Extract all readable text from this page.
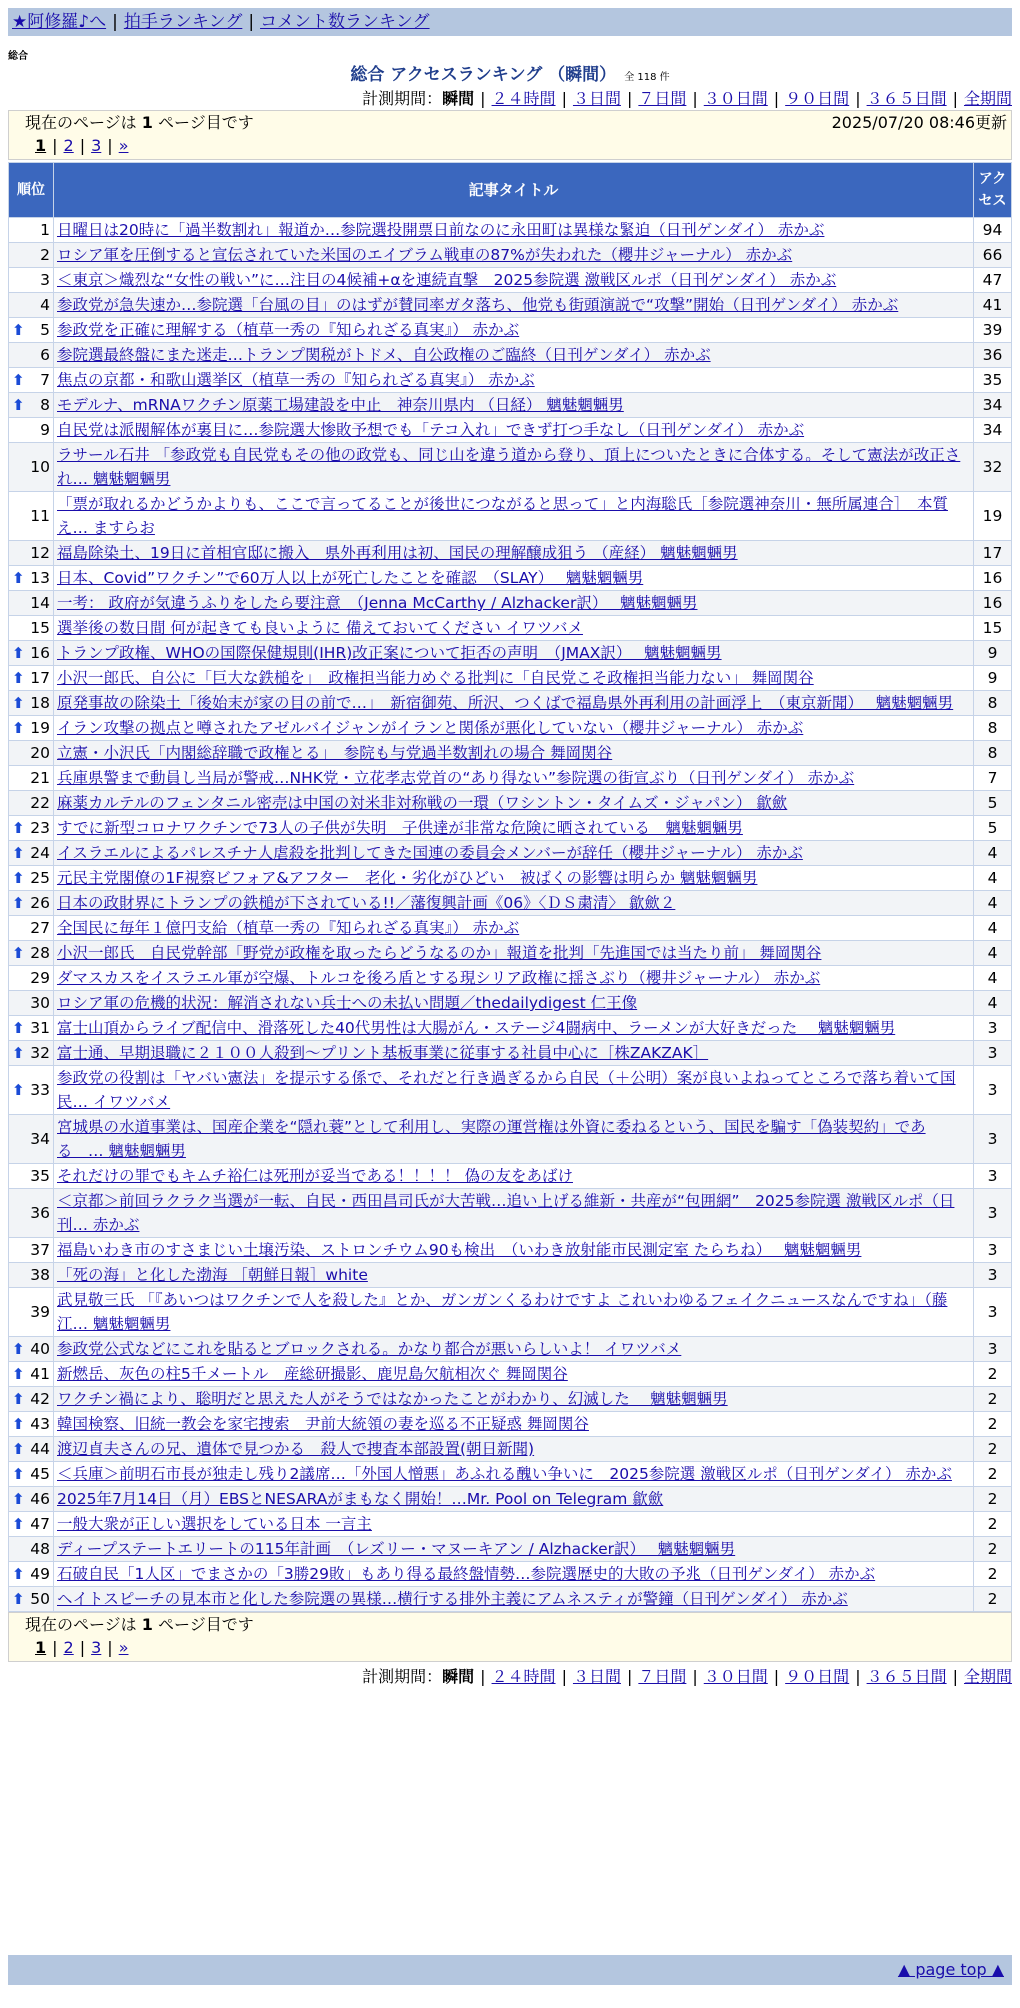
★阿修羅♪へ | 拍手ランキング | コメント数ランキング
総合
総合 アクセスランキング （瞬間） 全 118 件
計測期間：瞬間 | ２４時間 | ３日間 | ７日間 | ３０日間 | ９０日間 | ３６５日間 | 全期間
現在のページは 1 ページ目です	2025/07/20 08:46更新
1 | 2 | 3 | »
順位	記事タイトル	アクセス
1	日曜日は20時に「過半数割れ」報道か…参院選投開票日前なのに永田町は異様な緊迫（日刊ゲンダイ） 赤かぶ	94
2	ロシア軍を圧倒すると宣伝されていた米国のエイブラム戦車の87%が失われた（櫻井ジャーナル） 赤かぶ	66
3	＜東京＞熾烈な“女性の戦い”に…注目の4候補+αを連続直撃　2025参院選 激戦区ルポ（日刊ゲンダイ） 赤かぶ	47
4	参政党が急失速か…参院選「台風の目」のはずが賛同率ガタ落ち、他党も街頭演説で“攻撃”開始（日刊ゲンダイ） 赤かぶ	41

⬆ 5	参政党を正確に理解する（植草一秀の『知られざる真実』） 赤かぶ	39
6	参院選最終盤にまた迷走…トランプ関税がトドメ、自公政権のご臨終（日刊ゲンダイ） 赤かぶ	36

⬆ 7	焦点の京都・和歌山選挙区（植草一秀の『知られざる真実』） 赤かぶ	35

⬆ 8	モデルナ、mRNAワクチン原薬工場建設を中止　神奈川県内 （日経） 魑魅魍魎男	34
9	自民党は派閥解体が裏目に…参院選大惨敗予想でも「テコ入れ」できず打つ手なし（日刊ゲンダイ） 赤かぶ	34
10	ラサール石井 「参政党も自民党もその他の政党も、同じ山を違う道から登り、頂上についたときに合体する。そして憲法が改正され… 魑魅魍魎男	32
11	「票が取れるかどうかよりも、ここで言ってることが後世につながると思って」と内海聡氏［参院選神奈川・無所属連合］　本質え… ますらお	19
12	福島除染土、19日に首相官邸に搬入　県外再利用は初、国民の理解醸成狙う （産経） 魑魅魍魎男	17

⬆ 13	日本、Covid”ワクチン”で60万人以上が死亡したことを確認　（SLAY）　 魑魅魍魎男	16
14	一考： 政府が気違うふりをしたら要注意　（Jenna McCarthy / Alzhacker訳）　 魑魅魍魎男	16
15	選挙後の数日間 何が起きても良いように 備えておいてください イワツバメ	15

⬆ 16	トランプ政権、WHOの国際保健規則(IHR)改正案について拒否の声明　（JMAX訳）　 魑魅魍魎男	9

⬆ 17	小沢一郎氏、自公に「巨大な鉄槌を」　政権担当能力めぐる批判に「自民党こそ政権担当能力ない」 舞岡関谷	9

⬆ 18	原発事故の除染土「後始末が家の目の前で…」　新宿御苑、所沢、つくばで福島県外再利用の計画浮上　（東京新聞）　 魑魅魍魎男	8

⬆ 19	イラン攻撃の拠点と噂されたアゼルバイジャンがイランと関係が悪化していない（櫻井ジャーナル） 赤かぶ	8
20	立憲・小沢氏「内閣総辞職で政権とる」　参院も与党過半数割れの場合 舞岡関谷	8
21	兵庫県警まで動員し当局が警戒…NHK党・立花孝志党首の“あり得ない”参院選の街宣ぶり（日刊ゲンダイ） 赤かぶ	7
22	麻薬カルテルのフェンタニル密売は中国の対米非対称戦の一環（ワシントン・タイムズ・ジャパン） 歙歛	5

⬆ 23	すでに新型コロナワクチンで73人の子供が失明　子供達が非常な危険に晒されている　魑魅魍魎男	5

⬆ 24	イスラエルによるパレスチナ人虐殺を批判してきた国連の委員会メンバーが辞任（櫻井ジャーナル） 赤かぶ	4

⬆ 25	元民主党閣僚の1F視察ビフォア&アフター　老化・劣化がひどい　被ばくの影響は明らか 魑魅魍魎男	4

⬆ 26	日本の政財界にトランプの鉄槌が下されている!!／藩復興計画《06》〈ＤＳ粛清〉 歙歛２	4
27	全国民に毎年１億円支給（植草一秀の『知られざる真実』） 赤かぶ	4

⬆ 28	小沢一郎氏　自民党幹部「野党が政権を取ったらどうなるのか」報道を批判「先進国では当たり前」 舞岡関谷	4
29	ダマスカスをイスラエル軍が空爆、トルコを後ろ盾とする現シリア政権に揺さぶり（櫻井ジャーナル） 赤かぶ	4
30	ロシア軍の危機的状況：解消されない兵士への未払い問題／thedailydigest 仁王像	4

⬆ 31	富士山頂からライブ配信中、滑落死した40代男性は大腸がん・ステージ4闘病中、ラーメンが大好きだった　 魑魅魍魎男	3

⬆ 32	富士通、早期退職に２１００人殺到〜プリント基板事業に従事する社員中心に［株ZAKZAK］	3

⬆ 33	参政党の役割は「ヤバい憲法」を提示する係で、それだと行き過ぎるから自民（＋公明）案が良いよねってところで落ち着いて国民… イワツバメ	3
34	宮城県の水道事業は、国産企業を“隠れ蓑”として利用し、実際の運営権は外資に委ねるという、国民を騙す「偽装契約」である　… 魑魅魍魎男	3
35	それだけの罪でもキムチ裕仁は死刑が妥当である！！！！ 偽の友をあばけ	3
36	＜京都＞前回ラクラク当選が一転、自民・西田昌司氏が大苦戦…追い上げる維新・共産が“包囲網”　2025参院選 激戦区ルポ（日刊… 赤かぶ	3
37	福島いわき市のすさまじい土壌汚染、ストロンチウム90も検出　（いわき放射能市民測定室 たらちね）　 魑魅魍魎男	3
38	「死の海」と化した渤海 ［朝鮮日報］white	3
39	武見敬三氏 「『あいつはワクチンで人を殺した』とか、ガンガンくるわけですよ これいわゆるフェイクニュースなんですね」（藤江… 魑魅魍魎男	3

⬆ 40	参政党公式などにこれを貼るとブロックされる。かなり都合が悪いらしいよ！ イワツバメ	3

⬆ 41	新燃岳、灰色の柱5千メートル　産総研撮影、鹿児島欠航相次ぐ 舞岡関谷	2

⬆ 42	ワクチン禍により、聡明だと思えた人がそうではなかったことがわかり、幻滅した　 魑魅魍魎男	2

⬆ 43	韓国検察、旧統一教会を家宅捜索　尹前大統領の妻を巡る不正疑惑 舞岡関谷	2

⬆ 44	渡辺貞夫さんの兄、遺体で見つかる　殺人で捜査本部設置(朝日新聞)	2

⬆ 45	＜兵庫＞前明石市長が独走し残り2議席…「外国人憎悪」あふれる醜い争いに　2025参院選 激戦区ルポ（日刊ゲンダイ） 赤かぶ	2

⬆ 46	2025年7月14日（月）EBSとNESARAがまもなく開始！…Mr. Pool on Telegram 歙歛	2

⬆ 47	一般大衆が正しい選択をしている日本 一言主	2
48	ディープステートエリートの115年計画　（レズリー・マヌーキアン / Alzhacker訳）　 魑魅魍魎男	2

⬆ 49	石破自民「1人区」でまさかの「3勝29敗」もあり得る最終盤情勢…参院選歴史的大敗の予兆（日刊ゲンダイ） 赤かぶ	2

⬆ 50	ヘイトスピーチの見本市と化した参院選の異様…横行する排外主義にアムネスティが警鐘（日刊ゲンダイ） 赤かぶ	2
現在のページは 1 ページ目です
1 | 2 | 3 | »
計測期間：瞬間 | ２４時間 | ３日間 | ７日間 | ３０日間 | ９０日間 | ３６５日間 | 全期間
▲ page top ▲
